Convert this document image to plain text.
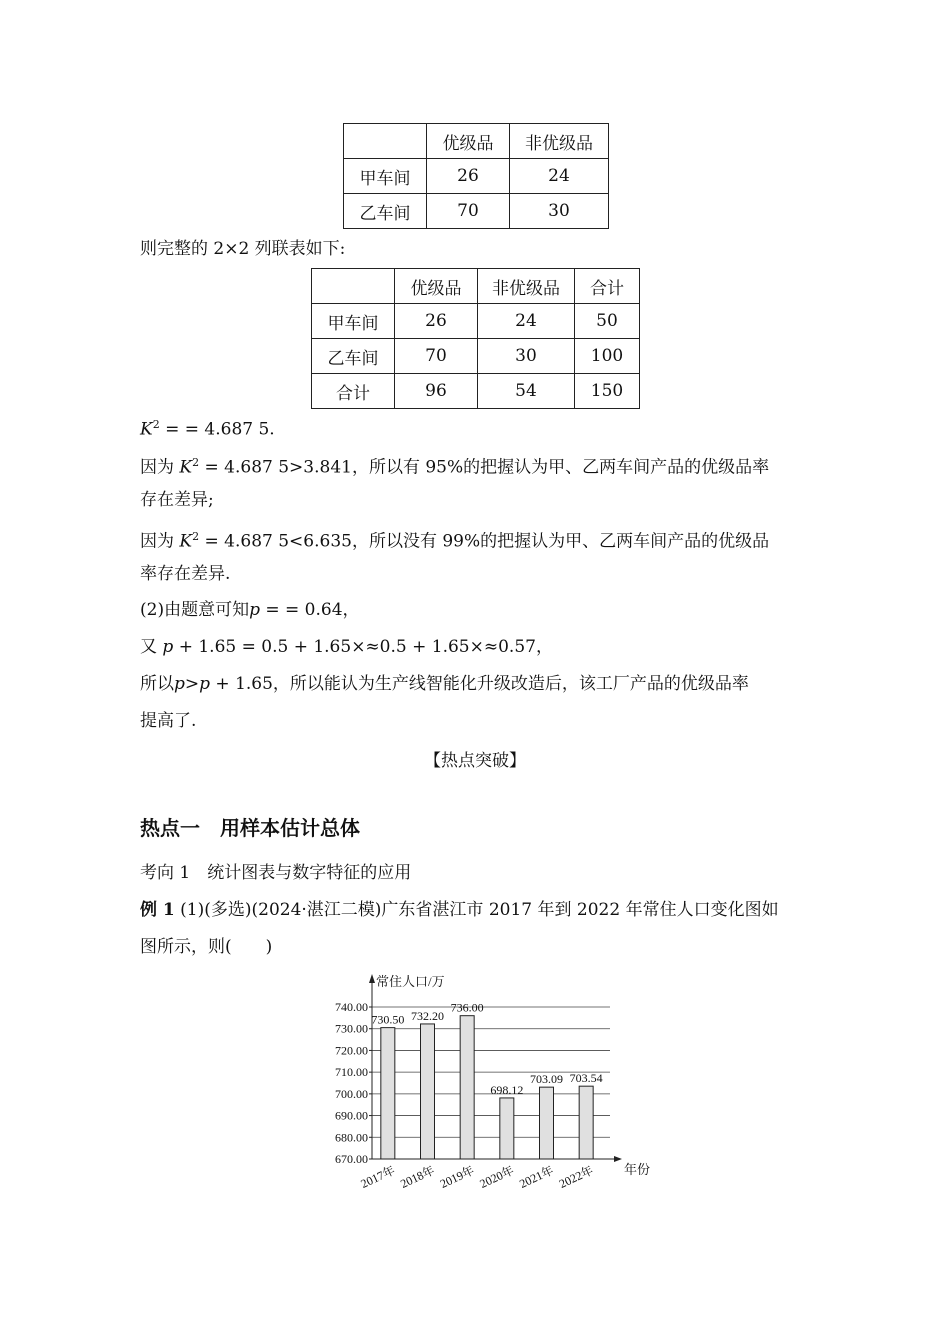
	优级品	非优级品
甲车间	26	24
乙车间	70	30
则完整的 2×2 列联表如下:
	优级品	非优级品	合计
甲车间	26	24	50
乙车间	70	30	100
合计	96	54	150
$K^2$ = = 4.687 5.
因为 $K^2 = 4.687$ 5>3.841，所以有 95%的把握认为甲、乙两车间产品的优级品率
存在差异;
因为 $K^2 = 4.687$ 5<6.635，所以没有 99%的把握认为甲、乙两车间产品的优级品
率存在差异.
(2)由题意可知p = = 0.64，
又 p + 1.65 = 0.5 + 1.65×≈0.5 + 1.65×≈0.57，
所以p>p + 1.65，所以能认为生产线智能化升级改造后，该工厂产品的优级品率
提高了.
【热点突破】
热点一　用样本估计总体
考向 1　统计图表与数字特征的应用
例 1 (1)(多选)(2024·湛江二模)广东省湛江市 2017 年到 2022 年常住人口变化图如
图所示，则(　　)
670.00
680.00
690.00
700.00
710.00
720.00
730.00
740.00
常住人口/万
年份
730.50
2017年
732.20
2018年
736.00
2019年
698.12
2020年
703.09
2021年
703.54
2022年
